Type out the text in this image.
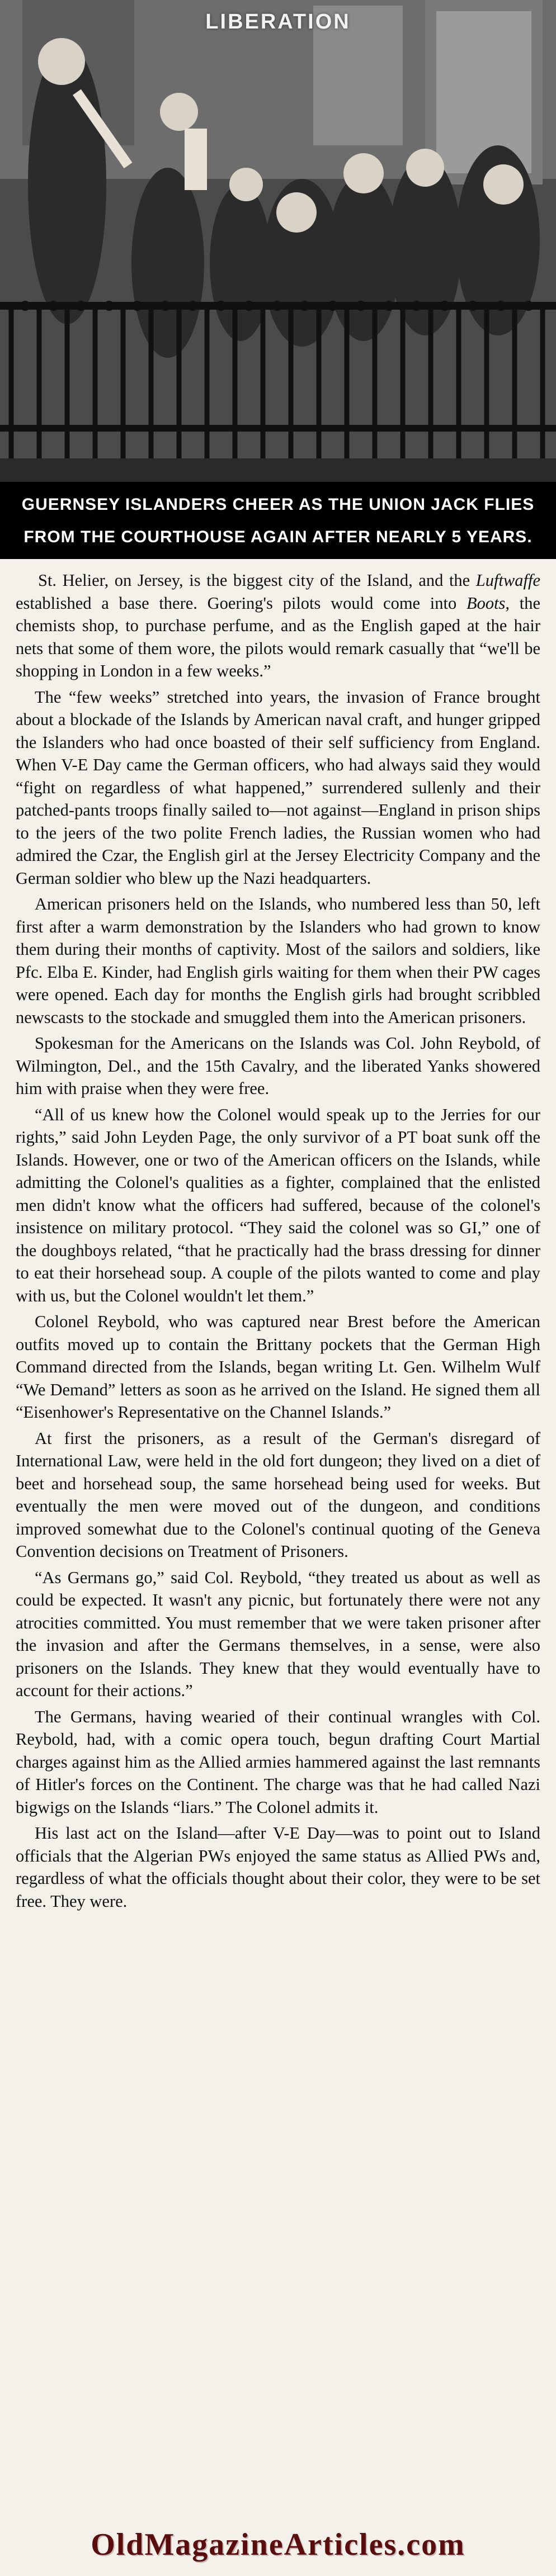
LIBERATION
GUERNSEY ISLANDERS CHEER AS THE UNION JACK FLIES
FROM THE COURTHOUSE AGAIN AFTER NEARLY 5 YEARS.

St. Helier, on Jersey, is the biggest city of the Island, and the Luftwaffe established a base there. Goering's pilots would come into Boots, the chemists shop, to purchase perfume, and as the English gaped at the hair nets that some of them wore, the pilots would remark casually that “we'll be shopping in London in a few weeks.”

The “few weeks” stretched into years, the invasion of France brought about a blockade of the Islands by American naval craft, and hunger gripped the Islanders who had once boasted of their self sufficiency from England. When V-E Day came the German officers, who had always said they would “fight on regardless of what happened,” surrendered sullenly and their patched-pants troops finally sailed to—not against—England in prison ships to the jeers of the two polite French ladies, the Russian women who had admired the Czar, the English girl at the Jersey Electricity Company and the German soldier who blew up the Nazi headquarters.

American prisoners held on the Islands, who numbered less than 50, left first after a warm demonstration by the Islanders who had grown to know them during their months of captivity. Most of the sailors and soldiers, like Pfc. Elba E. Kinder, had English girls waiting for them when their PW cages were opened. Each day for months the English girls had brought scribbled newscasts to the stockade and smuggled them into the American prisoners.

Spokesman for the Americans on the Islands was Col. John Reybold, of Wilmington, Del., and the 15th Cavalry, and the liberated Yanks showered him with praise when they were free.

“All of us knew how the Colonel would speak up to the Jerries for our rights,” said John Leyden Page, the only survivor of a PT boat sunk off the Islands. However, one or two of the American officers on the Islands, while admitting the Colonel's qualities as a fighter, complained that the enlisted men didn't know what the officers had suffered, because of the colonel's insistence on military protocol. “They said the colonel was so GI,” one of the doughboys related, “that he practically had the brass dressing for dinner to eat their horsehead soup. A couple of the pilots wanted to come and play with us, but the Colonel wouldn't let them.”

Colonel Reybold, who was captured near Brest before the American outfits moved up to contain the Brittany pockets that the German High Command directed from the Islands, began writing Lt. Gen. Wilhelm Wulf “We Demand” letters as soon as he arrived on the Island. He signed them all “Eisenhower's Representative on the Channel Islands.”

At first the prisoners, as a result of the German's disregard of International Law, were held in the old fort dungeon; they lived on a diet of beet and horsehead soup, the same horsehead being used for weeks. But eventually the men were moved out of the dungeon, and conditions improved somewhat due to the Colonel's continual quoting of the Geneva Convention decisions on Treatment of Prisoners.

“As Germans go,” said Col. Reybold, “they treated us about as well as could be expected. It wasn't any picnic, but fortunately there were not any atrocities committed. You must remember that we were taken prisoner after the invasion and after the Germans themselves, in a sense, were also prisoners on the Islands. They knew that they would eventually have to account for their actions.”

The Germans, having wearied of their continual wrangles with Col. Reybold, had, with a comic opera touch, begun drafting Court Martial charges against him as the Allied armies hammered against the last remnants of Hitler's forces on the Continent. The charge was that he had called Nazi bigwigs on the Islands “liars.” The Colonel admits it.

His last act on the Island—after V-E Day—was to point out to Island officials that the Algerian PWs enjoyed the same status as Allied PWs and, regardless of what the officials thought about their color, they were to be set free. They were.

OldMagazineArticles.com
